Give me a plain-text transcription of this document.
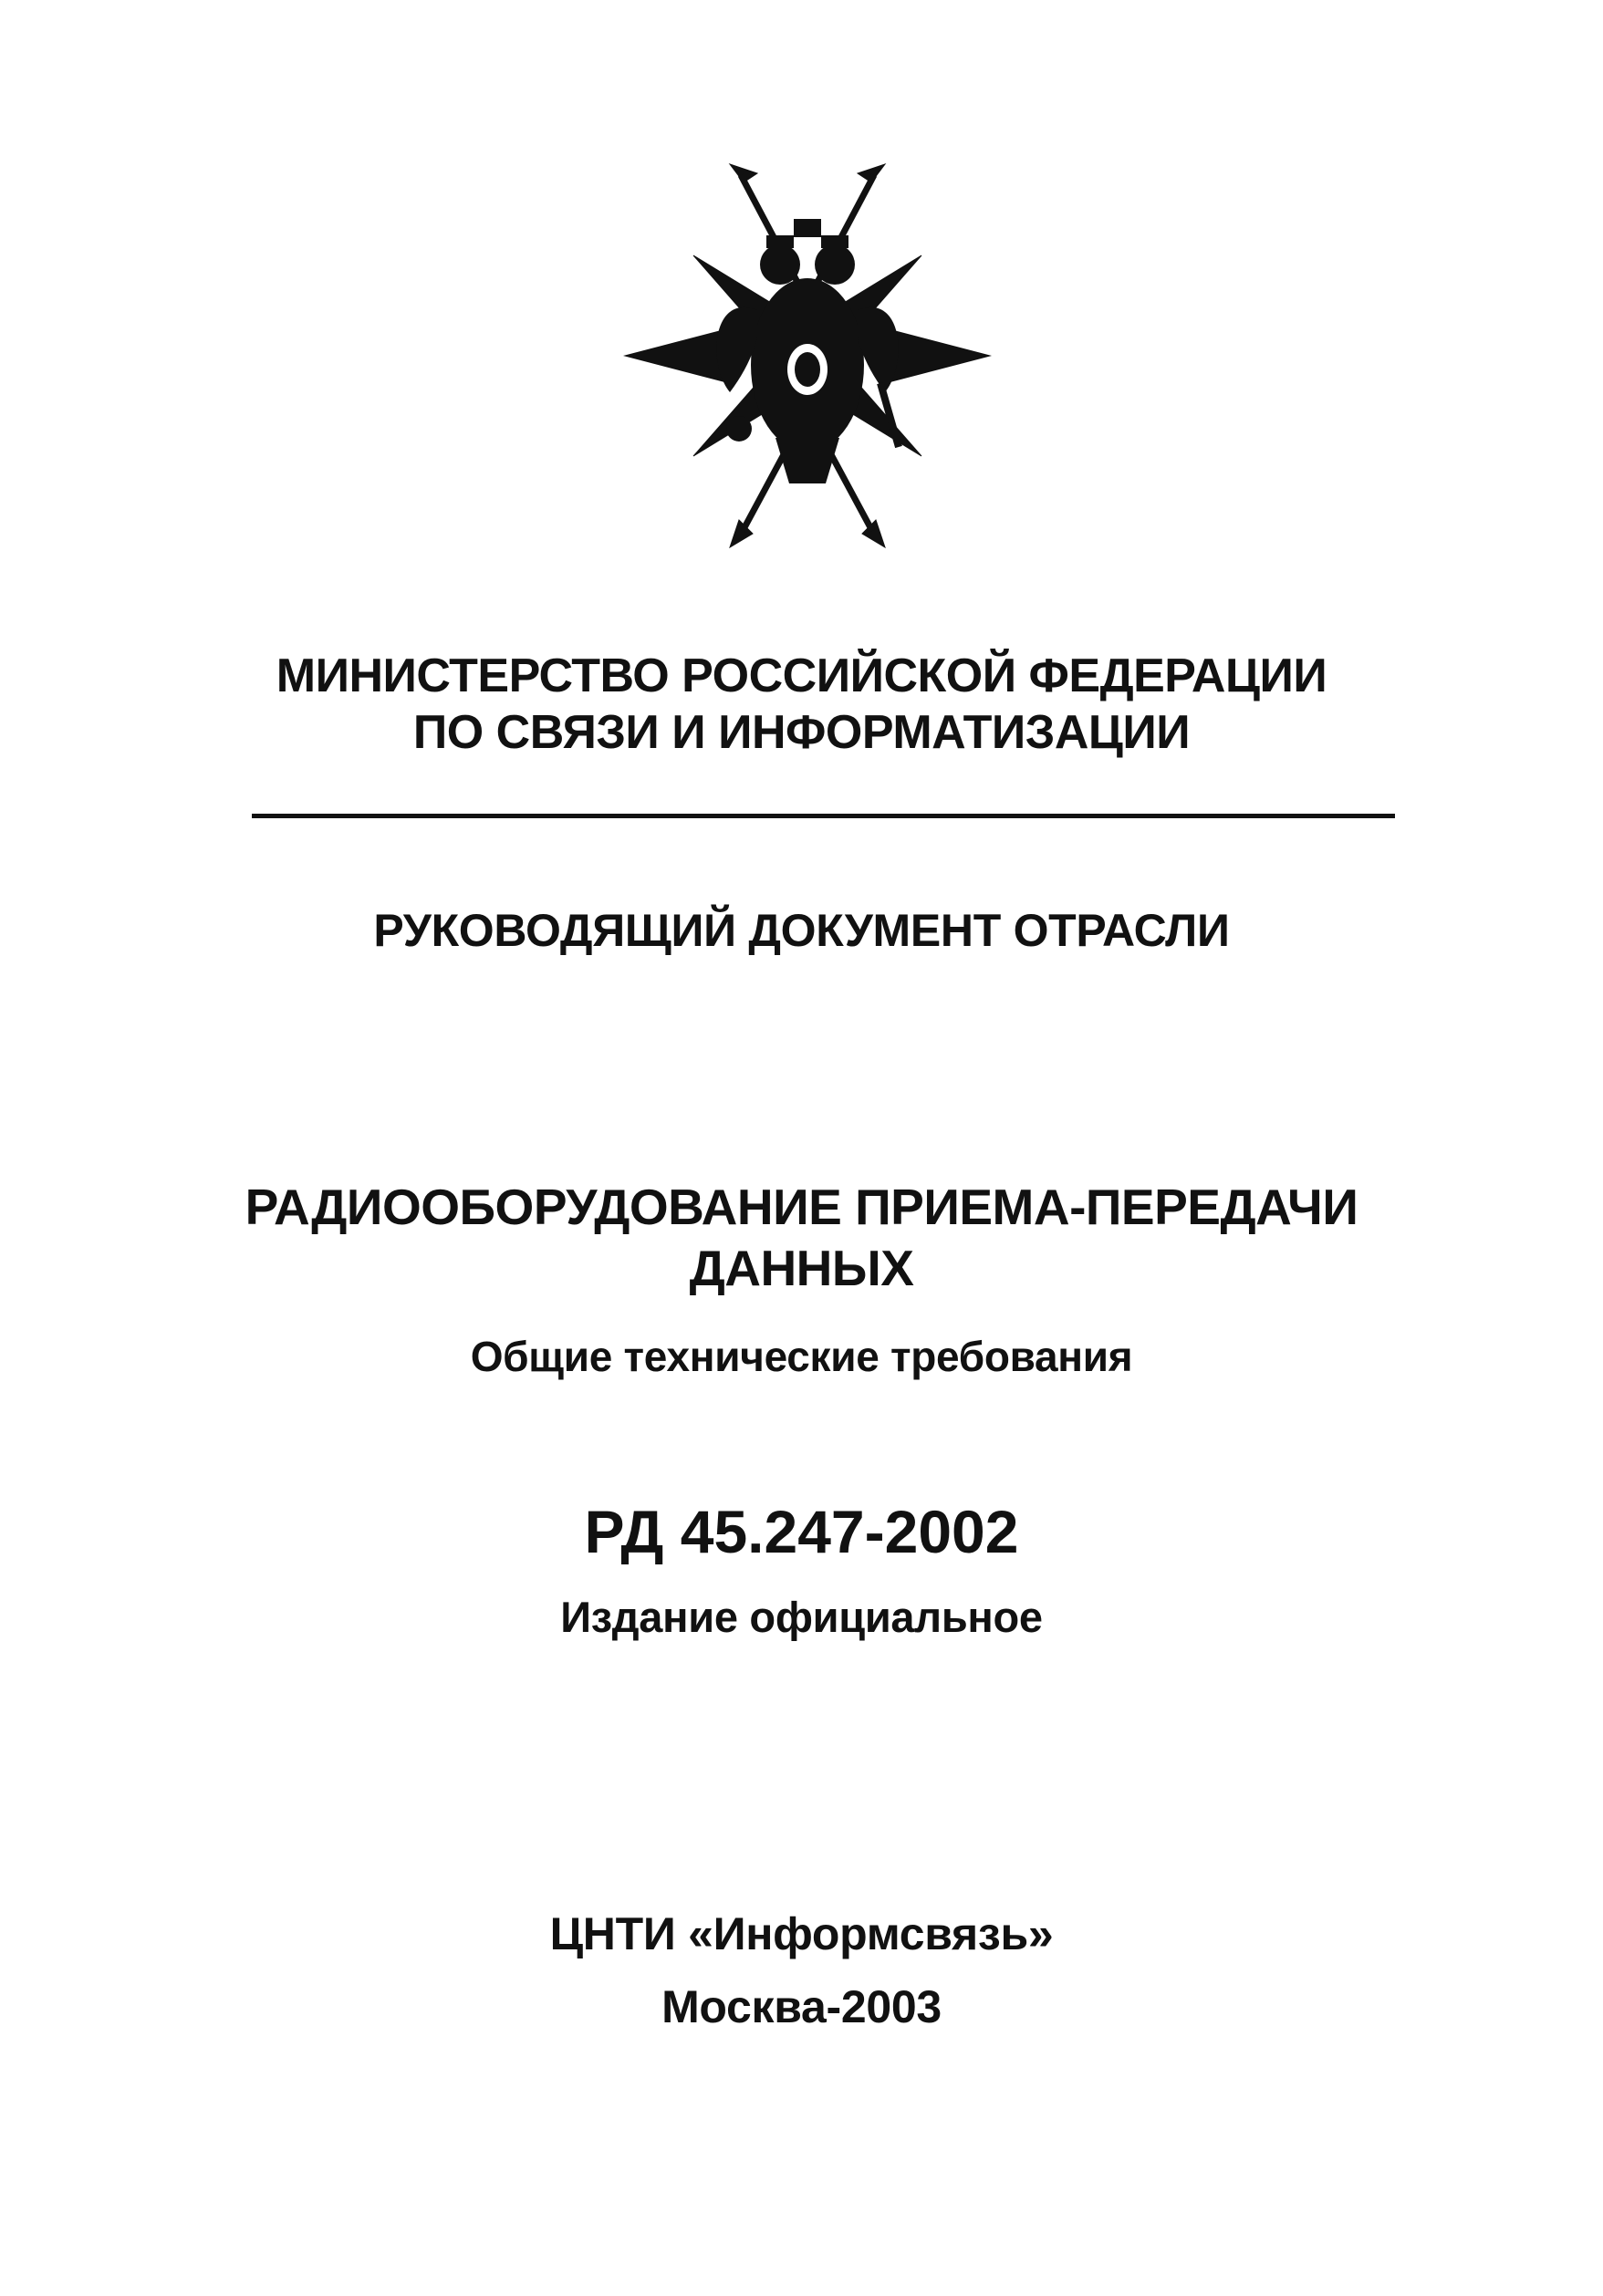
МИНИСТЕРСТВО РОССИЙСКОЙ ФЕДЕРАЦИИ
ПО СВЯЗИ И ИНФОРМАТИЗАЦИИ
РУКОВОДЯЩИЙ ДОКУМЕНТ ОТРАСЛИ
РАДИООБОРУДОВАНИЕ ПРИЕМА-ПЕРЕДАЧИ
ДАННЫХ
Общие технические требования
РД 45.247-2002
Издание официальное
ЦНТИ «Информсвязь»
Москва-2003
